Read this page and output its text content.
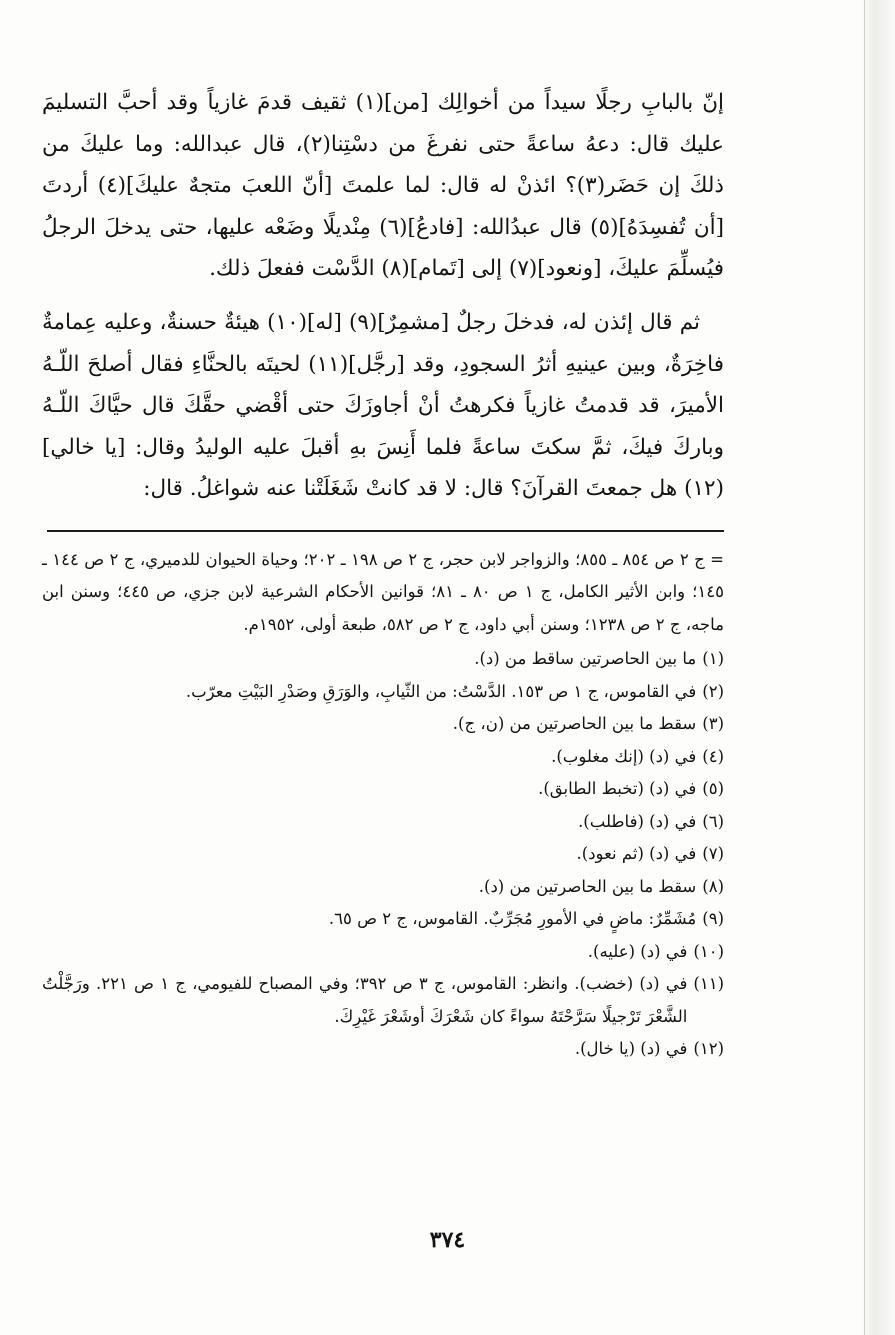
إنّ بالبابِ رجلًا سيداً من أخوالِك [من](١) ثقيف قدمَ غازياً وقد أحبَّ التسليمَ عليك قال: دعهُ ساعةً حتى نفرغَ من دسْتِنا(٢)، قال عبدالله: وما عليكَ من ذلكَ إن حَضَر(٣)؟ ائذنْ له قال: لما علمتَ [أنّ اللعبَ متجهٌ عليكَ](٤) أردتَ [أن تُفسِدَهُ](٥) قال عبدُالله: [فادعُ](٦) مِنْديلًا وضَعْه عليها، حتى يدخلَ الرجلُ فيُسلِّمَ عليكَ، [ونعود](٧) إلى [تَمام](٨) الدَّسْت ففعلَ ذلك.

ثم قال إئذن له، فدخلَ رجلٌ [مشمِرٌ](٩) [له](١٠) هيئةٌ حسنةٌ، وعليه عِمامةٌ فاخِرَةٌ، وبين عينيهِ أثرُ السجودِ، وقد [رجَّل](١١) لحيتَه بالحنَّاءِ فقال أصلحَ اللّـهُ الأميرَ، قد قدمتُ غازياً فكرهتُ أنْ أجاوزَكَ حتى أقْضي حقَّكَ قال حيَّاكَ اللّـهُ وباركَ فيكَ، ثمَّ سكتَ ساعةً فلما أَنِسَ بهِ أقبلَ عليه الوليدُ وقال: [يا خالي](١٢) هل جمعتَ القرآنَ؟ قال: لا قد كانتْ شَغَلَتْنا عنه شواغلُ. قال:

= ج ٢ ص ٨٥٤ ـ ٨٥٥؛ والزواجر لابن حجر، ج ٢ ص ١٩٨ ـ ٢٠٢؛ وحياة الحيوان للدميري، ج ٢ ص ١٤٤ ـ ١٤٥؛ وابن الأثير الكامل، ج ١ ص ٨٠ ـ ٨١؛ قوانين الأحكام الشرعية لابن جزي، ص ٤٤٥؛ وسنن ابن ماجه، ج ٢ ص ١٢٣٨؛ وسنن أبي داود، ج ٢ ص ٥٨٢، طبعة أولى، ١٩٥٢م.
(١)
ما بين الحاصرتين ساقط من (د).
(٢)
في القاموس، ج ١ ص ١٥٣. الدَّسْتُ: من الثّيابِ، والوَرَقِ وصَدْرِ البَيْتِ معرّب.
(٣)
سقط ما بين الحاصرتين من (ن، ج).
(٤)
في (د) (إنك مغلوب).
(٥)
في (د) (تخبط الطابق).
(٦)
في (د) (فاطلب).
(٧)
في (د) (ثم نعود).
(٨)
سقط ما بين الحاصرتين من (د).
(٩)
مُشَمِّرٌ: ماضٍ في الأمورِ مُجَرِّبٌ. القاموس، ج ٢ ص ٦٥.
(١٠)
في (د) (عليه).
(١١)
في (د) (خضب). وانظر: القاموس، ج ٣ ص ٣٩٢؛ وفي المصباح للفيومي، ج ١ ص ٢٢١. ورَجَّلْتُ الشَّعْرَ تَرْجيلًا سَرَّحْتَهُ سواءً كان شَعْرَكَ أوشَعْرَ غَيْرِكَ.
(١٢)
في (د) (يا خال).
٣٧٤
